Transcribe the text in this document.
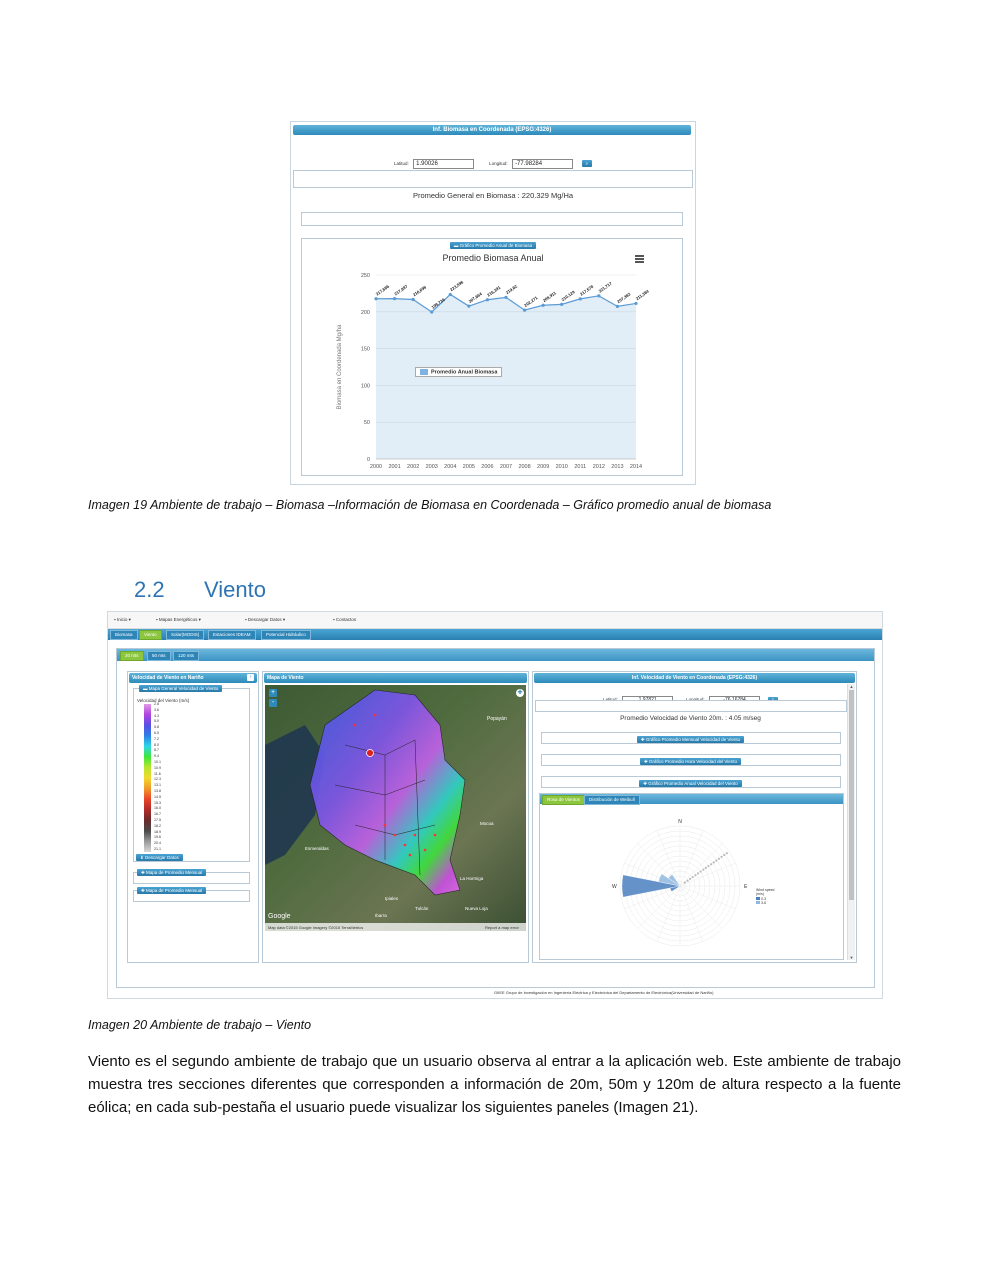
Inf. Biomasa en Coordenada (EPSG:4326)
Latitud: 1.90026	Longitud: -77.98284	⌕
Promedio General en Biomasa : 220.329 Mg/Ha
▬ Gráfico Promedio Anual de Biomasa
Promedio Biomasa Anual
0
50
100
150
200
250
217,686
2000
217,897
2001
216,696
2002
199,736
2003
223,596
2004
207,664
2005
216,391
2006
219,62
2007
202,271
2008
208,911
2009
210,129
2010
217,578
2011
221,717
2012
207,382
2013
211,384
2014
Biomasa en Coordenada Mg/ha	Promedio Anual Biomasa
Imagen 19 Ambiente de trabajo – Biomasa –Información de Biomasa en Coordenada – Gráfico promedio anual de biomasa
2.2 Viento
▪ Inicio ▾	▪ Mapas Energéticos ▾	▪ Descargar Datos ▾	▪ Contactos
Biomasa	Viento	Solar(MODIS)	Estaciones IDEAM	Potencial Hidráulico
20 mts	50 mts	120 mts
Velocidad de Viento en Nariño	‹
▬ Mapa General Velocidad de Viento
Velocidad del Viento (m/s)
2.8
3.6
4.3
5.0
5.8
6.5
7.2
8.0
8.7
9.4
10.1
10.9
11.6
12.3
13.1
13.8
14.5
15.3
16.0
16.7
17.5
18.2
18.9
19.6
20.4
21.1
⬇ Descargar Datos
✚ Mapa de Promedio Mensual
✚ Mapa de Promedio Mensual
Mapa de Viento
Popayán
Ipiales
Tulcán
Ibarra
Esmeraldas
Mocoa
La Hormiga
Nueva Loja
Google
Map data ©2015 Google Imagery ©2015 TerraMetrics	Report a map error
+
-
✚
Inf. Velocidad de Viento en Coordenada (EPSG:4326)

Promedio Velocidad de Viento 20m. : 4.05 m/seg
✚ Gráfico Promedio Mensual Velocidad de Viento
✚ Gráfico Promedio Hora Velocidad del Viento
✚ Gráfico Promedio Anual Velocidad del Viento
Rosa de Vientos	Distribución de Weibull
N
E
W	Wind speed (m/s)
0-3
3-6
▲
▼
GIIEE Grupo de Investigación en Ingeniería Eléctrica y Electrónica del Departamento de Electrónica(Universidad de Nariño)
Imagen 20 Ambiente de trabajo – Viento
Viento es el segundo ambiente de trabajo que un usuario observa al entrar a la aplicación web. Este ambiente de trabajo muestra tres secciones diferentes que corresponden a información de 20m, 50m y 120m de altura respecto a la fuente eólica; en cada sub-pestaña el usuario puede visualizar los siguientes paneles (Imagen 21).
